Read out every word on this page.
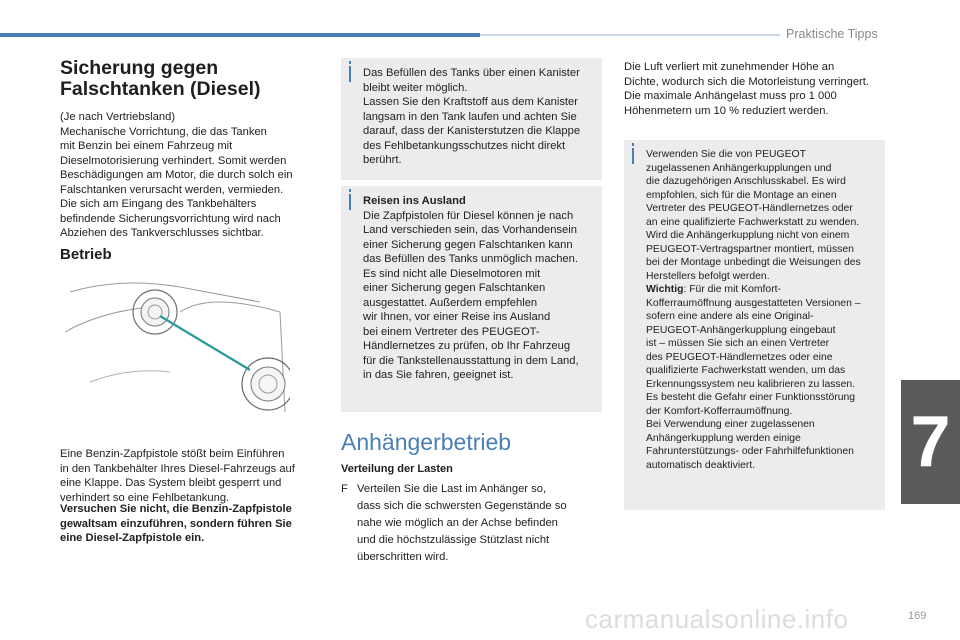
Praktische Tipps
7
Sicherung gegen
Falschtanken (Diesel)
(Je nach Vertriebsland)
Mechanische Vorrichtung, die das Tanken
mit Benzin bei einem Fahrzeug mit
Dieselmotorisierung verhindert. Somit werden
Beschädigungen am Motor, die durch solch ein
Falschtanken verursacht werden, vermieden.
Die sich am Eingang des Tankbehälters
befindende Sicherungsvorrichtung wird nach
Abziehen des Tankverschlusses sichtbar.
Betrieb
Eine Benzin-Zapfpistole stößt beim Einführen
in den Tankbehälter Ihres Diesel-Fahrzeugs auf
eine Klappe. Das System bleibt gesperrt und
verhindert so eine Fehlbetankung.
Versuchen Sie nicht, die Benzin-Zapfpistole
gewaltsam einzuführen, sondern führen Sie
eine Diesel-Zapfpistole ein.
Das Befüllen des Tanks über einen Kanister
bleibt weiter möglich.
Lassen Sie den Kraftstoff aus dem Kanister
langsam in den Tank laufen und achten Sie
darauf, dass der Kanisterstutzen die Klappe
des Fehlbetankungsschutzes nicht direkt
berührt.
Reisen ins Ausland
Die Zapfpistolen für Diesel können je nach
Land verschieden sein, das Vorhandensein
einer Sicherung gegen Falschtanken kann
das Befüllen des Tanks unmöglich machen.
Es sind nicht alle Dieselmotoren mit
einer Sicherung gegen Falschtanken
ausgestattet. Außerdem empfehlen
wir Ihnen, vor einer Reise ins Ausland
bei einem Vertreter des PEUGEOT-
Händlernetzes zu prüfen, ob Ihr Fahrzeug
für die Tankstellenausstattung in dem Land,
in das Sie fahren, geeignet ist.
Anhängerbetrieb
Verteilung der Lasten
F Verteilen Sie die Last im Anhänger so,
dass sich die schwersten Gegenstände so
nahe wie möglich an der Achse befinden
und die höchstzulässige Stützlast nicht
überschritten wird.
Die Luft verliert mit zunehmender Höhe an
Dichte, wodurch sich die Motorleistung verringert.
Die maximale Anhängelast muss pro 1 000
Höhenmetern um 10 % reduziert werden.
Verwenden Sie die von PEUGEOT
zugelassenen Anhängerkupplungen und
die dazugehörigen Anschlusskabel. Es wird
empfohlen, sich für die Montage an einen
Vertreter des PEUGEOT-Händlernetzes oder
an eine qualifizierte Fachwerkstatt zu wenden.
Wird die Anhängerkupplung nicht von einem
PEUGEOT-Vertragspartner montiert, müssen
bei der Montage unbedingt die Weisungen des
Herstellers befolgt werden.
Wichtig: Für die mit Komfort-
Kofferraumöffnung ausgestatteten Versionen –
sofern eine andere als eine Original-
PEUGEOT-Anhängerkupplung eingebaut
ist – müssen Sie sich an einen Vertreter
des PEUGEOT-Händlernetzes oder eine
qualifizierte Fachwerkstatt wenden, um das
Erkennungssystem neu kalibrieren zu lassen.
Es besteht die Gefahr einer Funktionsstörung
der Komfort-Kofferraumöffnung.
Bei Verwendung einer zugelassenen
Anhängerkupplung werden einige
Fahrunterstützungs- oder Fahrhilfefunktionen
automatisch deaktiviert.
169
carmanualsonline.info
